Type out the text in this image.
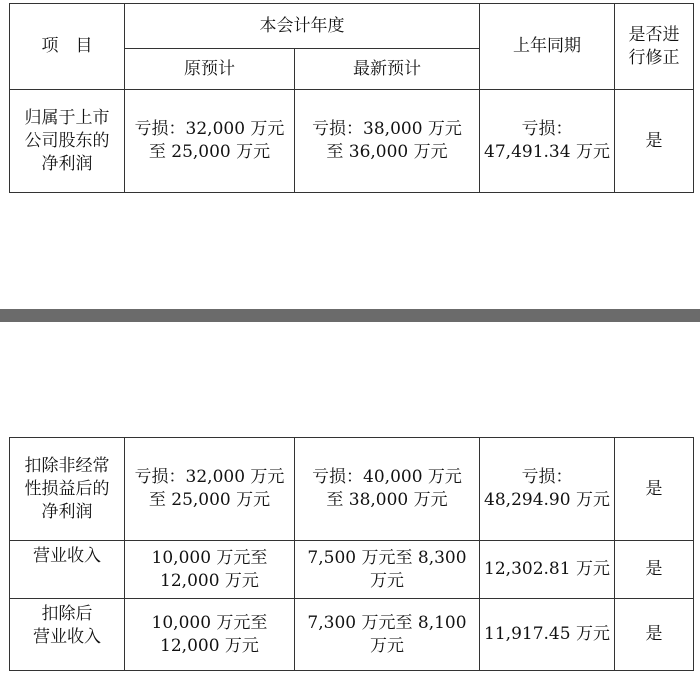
项　目	本会计年度		上年同期	是否进
行修正
	原预计	最新预计		
归属于上市
公司股东的
净利润	亏损：32,000 万元
至 25,000 万元	亏损：38,000 万元
至 36,000 万元	亏损：
47,491.34 万元	是
扣除非经常
性损益后的
净利润	亏损：32,000 万元
至 25,000 万元	亏损：40,000 万元
至 38,000 万元	亏损：
48,294.90 万元	是
营业收入	10,000 万元至
12,000 万元	7,500 万元至 8,300
万元	12,302.81 万元	是
扣除后
营业收入	10,000 万元至
12,000 万元	7,300 万元至 8,100
万元	11,917.45 万元	是
